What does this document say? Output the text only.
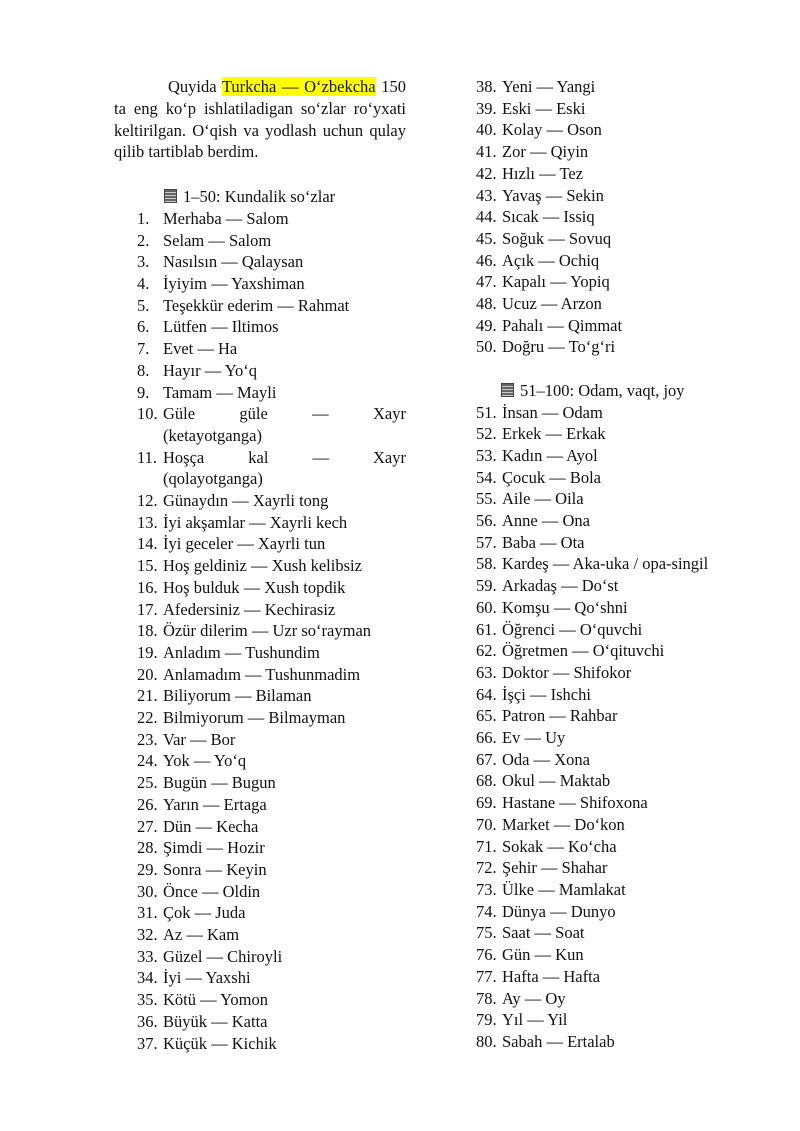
Quyida Turkcha — O‘zbekcha 150 ta eng ko‘p ishlatiladigan so‘zlar ro‘yxati keltirilgan. O‘qish va yodlash uchun qulay qilib tartiblab berdim.

1–50: Kundalik so‘zlar
1. Merhaba — Salom
2. Selam — Salom
3. Nasılsın — Qalaysan
4. İyiyim — Yaxshiman
5. Teşekkür ederim — Rahmat
6. Lütfen — Iltimos
7. Evet — Ha
8. Hayır — Yo‘q
9. Tamam — Mayli
10. Güle güle — Xayr
(ketayotganga)
11. Hoşça kal — Xayr
(qolayotganga)
12. Günaydın — Xayrli tong
13. İyi akşamlar — Xayrli kech
14. İyi geceler — Xayrli tun
15. Hoş geldiniz — Xush kelibsiz
16. Hoş bulduk — Xush topdik
17. Afedersiniz — Kechirasiz
18. Özür dilerim — Uzr so‘rayman
19. Anladım — Tushundim
20. Anlamadım — Tushunmadim
21. Biliyorum — Bilaman
22. Bilmiyorum — Bilmayman
23. Var — Bor
24. Yok — Yo‘q
25. Bugün — Bugun
26. Yarın — Ertaga
27. Dün — Kecha
28. Şimdi — Hozir
29. Sonra — Keyin
30. Önce — Oldin
31. Çok — Juda
32. Az — Kam
33. Güzel — Chiroyli
34. İyi — Yaxshi
35. Kötü — Yomon
36. Büyük — Katta
37. Küçük — Kichik
38. Yeni — Yangi
39. Eski — Eski
40. Kolay — Oson
41. Zor — Qiyin
42. Hızlı — Tez
43. Yavaş — Sekin
44. Sıcak — Issiq
45. Soğuk — Sovuq
46. Açık — Ochiq
47. Kapalı — Yopiq
48. Ucuz — Arzon
49. Pahalı — Qimmat
50. Doğru — To‘g‘ri
51–100: Odam, vaqt, joy
51. İnsan — Odam
52. Erkek — Erkak
53. Kadın — Ayol
54. Çocuk — Bola
55. Aile — Oila
56. Anne — Ona
57. Baba — Ota
58. Kardeş — Aka-uka / opa-singil
59. Arkadaş — Do‘st
60. Komşu — Qo‘shni
61. Öğrenci — O‘quvchi
62. Öğretmen — O‘qituvchi
63. Doktor — Shifokor
64. İşçi — Ishchi
65. Patron — Rahbar
66. Ev — Uy
67. Oda — Xona
68. Okul — Maktab
69. Hastane — Shifoxona
70. Market — Do‘kon
71. Sokak — Ko‘cha
72. Şehir — Shahar
73. Ülke — Mamlakat
74. Dünya — Dunyo
75. Saat — Soat
76. Gün — Kun
77. Hafta — Hafta
78. Ay — Oy
79. Yıl — Yil
80. Sabah — Ertalab
